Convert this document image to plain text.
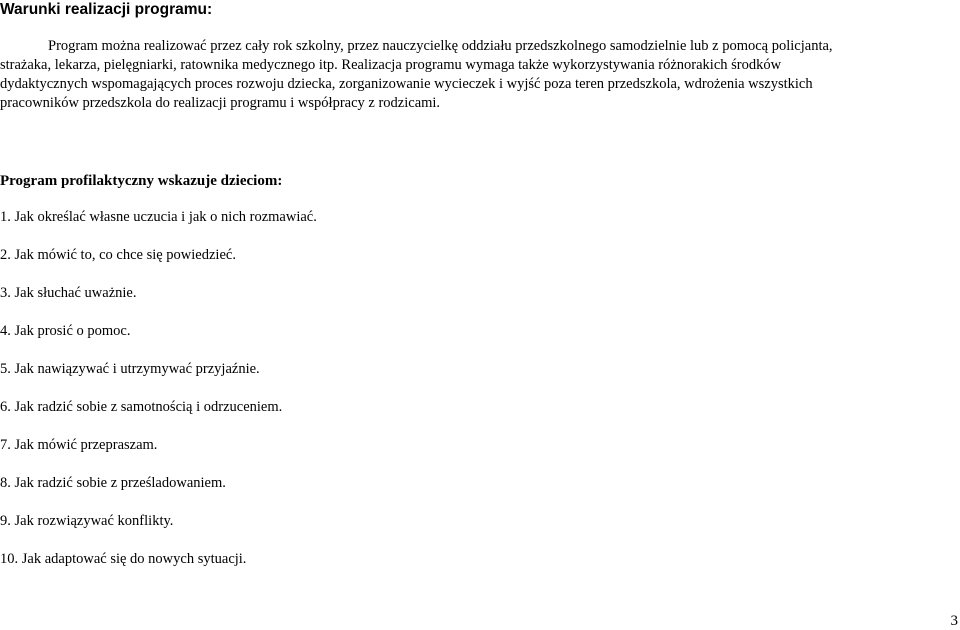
Warunki realizacji programu:
Program można realizować przez cały rok szkolny, przez nauczycielkę oddziału przedszkolnego samodzielnie lub z pomocą policjanta,
strażaka, lekarza, pielęgniarki, ratownika medycznego itp. Realizacja programu wymaga także wykorzystywania różnorakich środków
dydaktycznych wspomagających proces rozwoju dziecka, zorganizowanie wycieczek i wyjść poza teren przedszkola, wdrożenia wszystkich
pracowników przedszkola do realizacji programu i współpracy z rodzicami.
Program profilaktyczny wskazuje dzieciom:
1. Jak określać własne uczucia i jak o nich rozmawiać.
2. Jak mówić to, co chce się powiedzieć.
3. Jak słuchać uważnie.
4. Jak prosić o pomoc.
5. Jak nawiązywać i utrzymywać przyjaźnie.
6. Jak radzić sobie z samotnością i odrzuceniem.
7. Jak mówić przepraszam.
8. Jak radzić sobie z prześladowaniem.
9. Jak rozwiązywać konflikty.
10. Jak adaptować się do nowych sytuacji.
3
